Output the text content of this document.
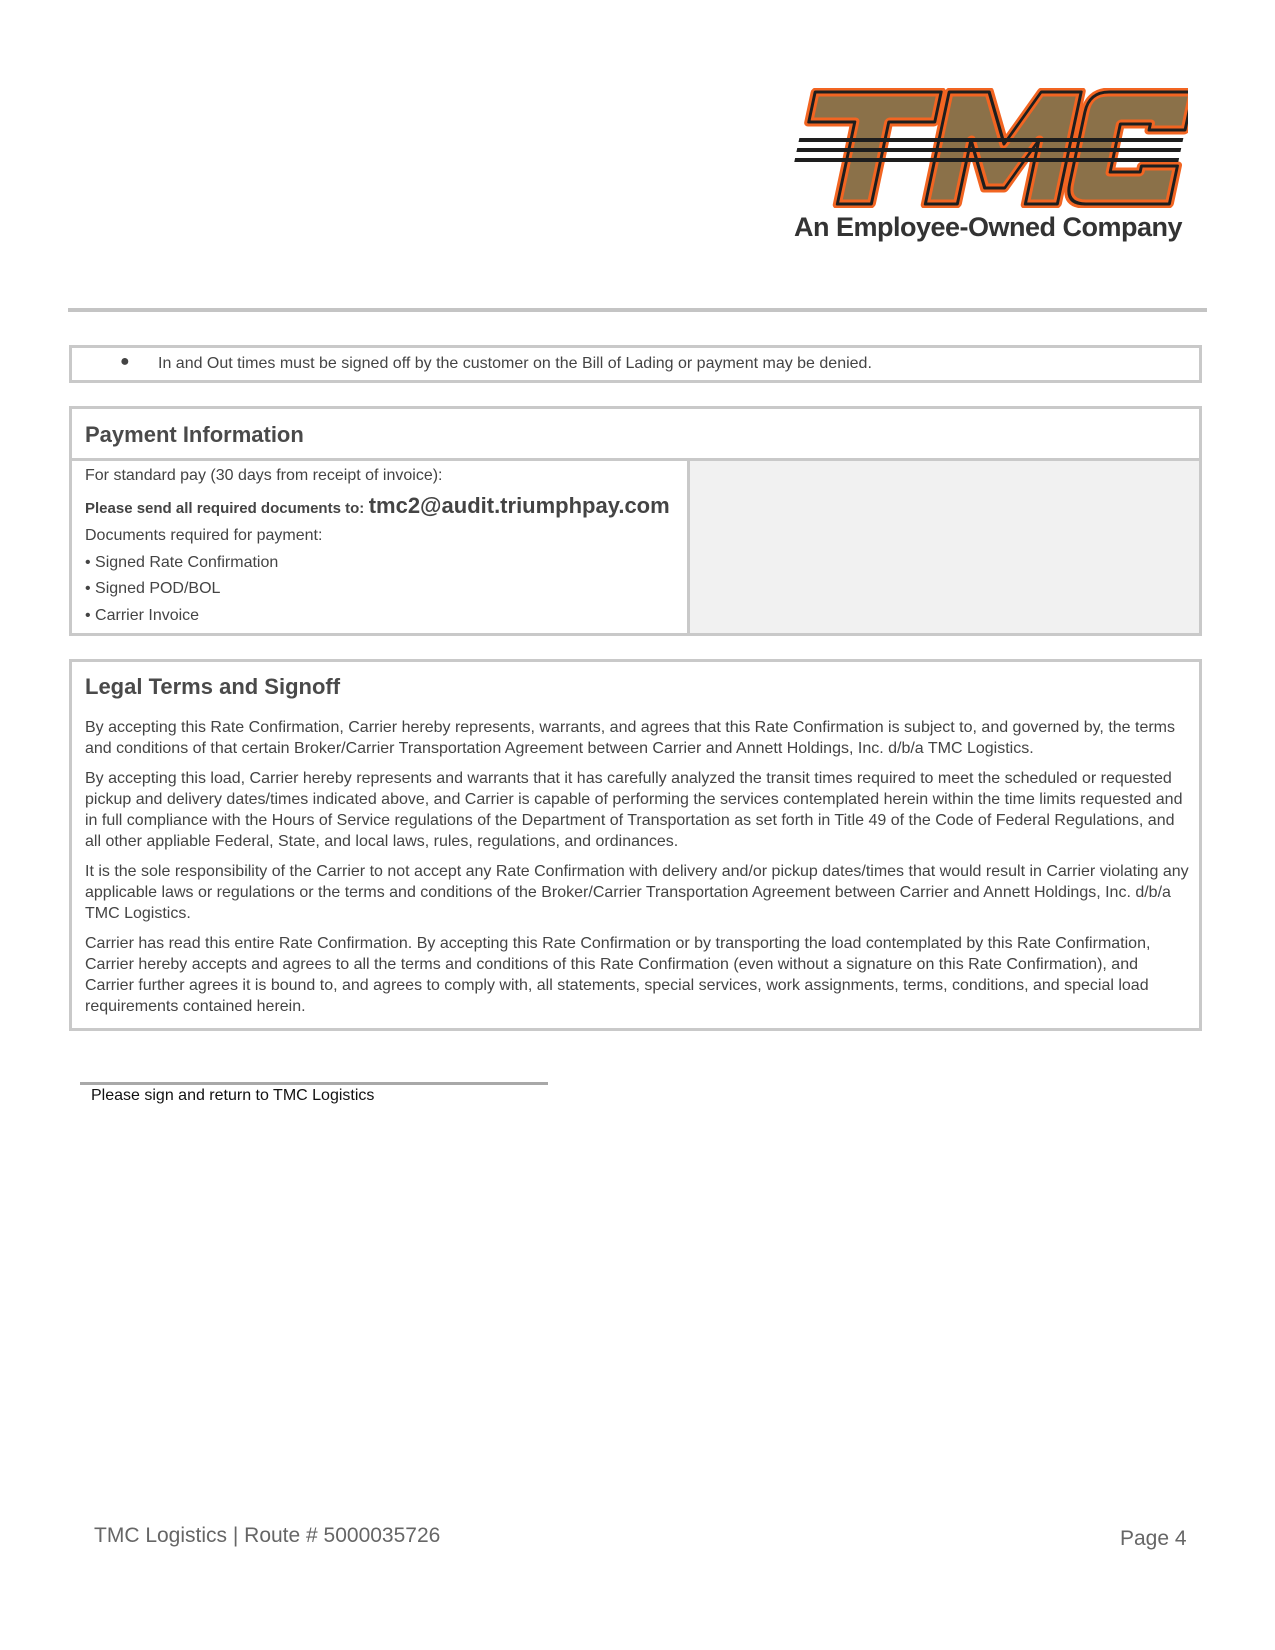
An Employee-Owned Company
● In and Out times must be signed off by the customer on the Bill of Lading or payment may be denied.
Payment Information
For standard pay (30 days from receipt of invoice):
Please send all required documents to: tmc2@audit.triumphpay.com
Documents required for payment:
• Signed Rate Confirmation
• Signed POD/BOL
• Carrier Invoice
Legal Terms and Signoff

By accepting this Rate Confirmation, Carrier hereby represents, warrants, and agrees that this Rate Confirmation is subject to, and governed by, the terms and conditions of that certain Broker/Carrier Transportation Agreement between Carrier and Annett Holdings, Inc. d/b/a TMC Logistics.

By accepting this load, Carrier hereby represents and warrants that it has carefully analyzed the transit times required to meet the scheduled or requested pickup and delivery dates/times indicated above, and Carrier is capable of performing the services contemplated herein within the time limits requested and in full compliance with the Hours of Service regulations of the Department of Transportation as set forth in Title 49 of the Code of Federal Regulations, and all other appliable Federal, State, and local laws, rules, regulations, and ordinances.

It is the sole responsibility of the Carrier to not accept any Rate Confirmation with delivery and/or pickup dates/times that would result in Carrier violating any applicable laws or regulations or the terms and conditions of the Broker/Carrier Transportation Agreement between Carrier and Annett Holdings, Inc. d/b/a TMC Logistics.

Carrier has read this entire Rate Confirmation. By accepting this Rate Confirmation or by transporting the load contemplated by this Rate Confirmation, Carrier hereby accepts and agrees to all the terms and conditions of this Rate Confirmation (even without a signature on this Rate Confirmation), and Carrier further agrees it is bound to, and agrees to comply with, all statements, special services, work assignments, terms, conditions, and special load requirements contained herein.

Please sign and return to TMC Logistics
TMC Logistics | Route # 5000035726	Page 4
